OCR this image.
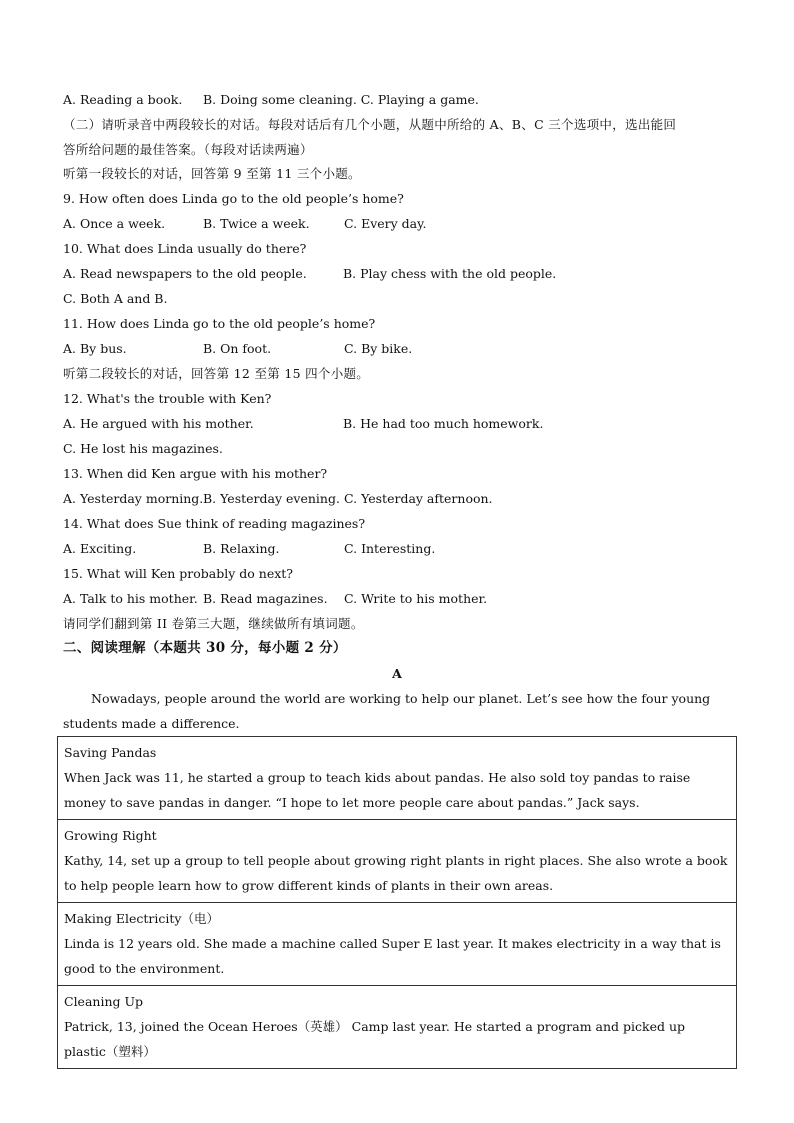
A. Reading a book. B. Doing some cleaning. C. Playing a game.
（二）请听录音中两段较长的对话。每段对话后有几个小题，从题中所给的 A、B、C 三个选项中，选出能回
答所给问题的最佳答案。（每段对话读两遍）
听第一段较长的对话，回答第 9 至第 11 三个小题。
9. How often does Linda go to the old people’s home?
A. Once a week.	B. Twice a week.	C. Every day.
10. What does Linda usually do there?
A. Read newspapers to the old people.	B. Play chess with the old people.
C. Both A and B.
11. How does Linda go to the old people’s home?
A. By bus.	B. On foot.	C. By bike.
听第二段较长的对话，回答第 12 至第 15 四个小题。
12. What's the trouble with Ken?
A. He argued with his mother.	B. He had too much homework.
C. He lost his magazines.
13. When did Ken argue with his mother?
A. Yesterday morning. B. Yesterday evening. C. Yesterday afternoon.
14. What does Sue think of reading magazines?
A. Exciting.	B. Relaxing.	C. Interesting.
15. What will Ken probably do next?
A. Talk to his mother. B. Read magazines. C. Write to his mother.
请同学们翻到第 II 卷第三大题，继续做所有填词题。
二、阅读理解（本题共 30 分，每小题 2 分）
A
Nowadays, people around the world are working to help our planet. Let’s see how the four young students made a difference.
Saving Pandas
When Jack was 11, he started a group to teach kids about pandas. He also sold toy pandas to raise money to save pandas in danger. “I hope to let more people care about pandas.” Jack says.

Growing Right
Kathy, 14, set up a group to tell people about growing right plants in right places. She also wrote a book to help people learn how to grow different kinds of plants in their own areas.

Making Electricity（电）
Linda is 12 years old. She made a machine called Super E last year. It makes electricity in a way that is good to the environment.

Cleaning Up
Patrick, 13, joined the Ocean Heroes（英雄） Camp last year. He started a program and picked up plastic（塑料）
